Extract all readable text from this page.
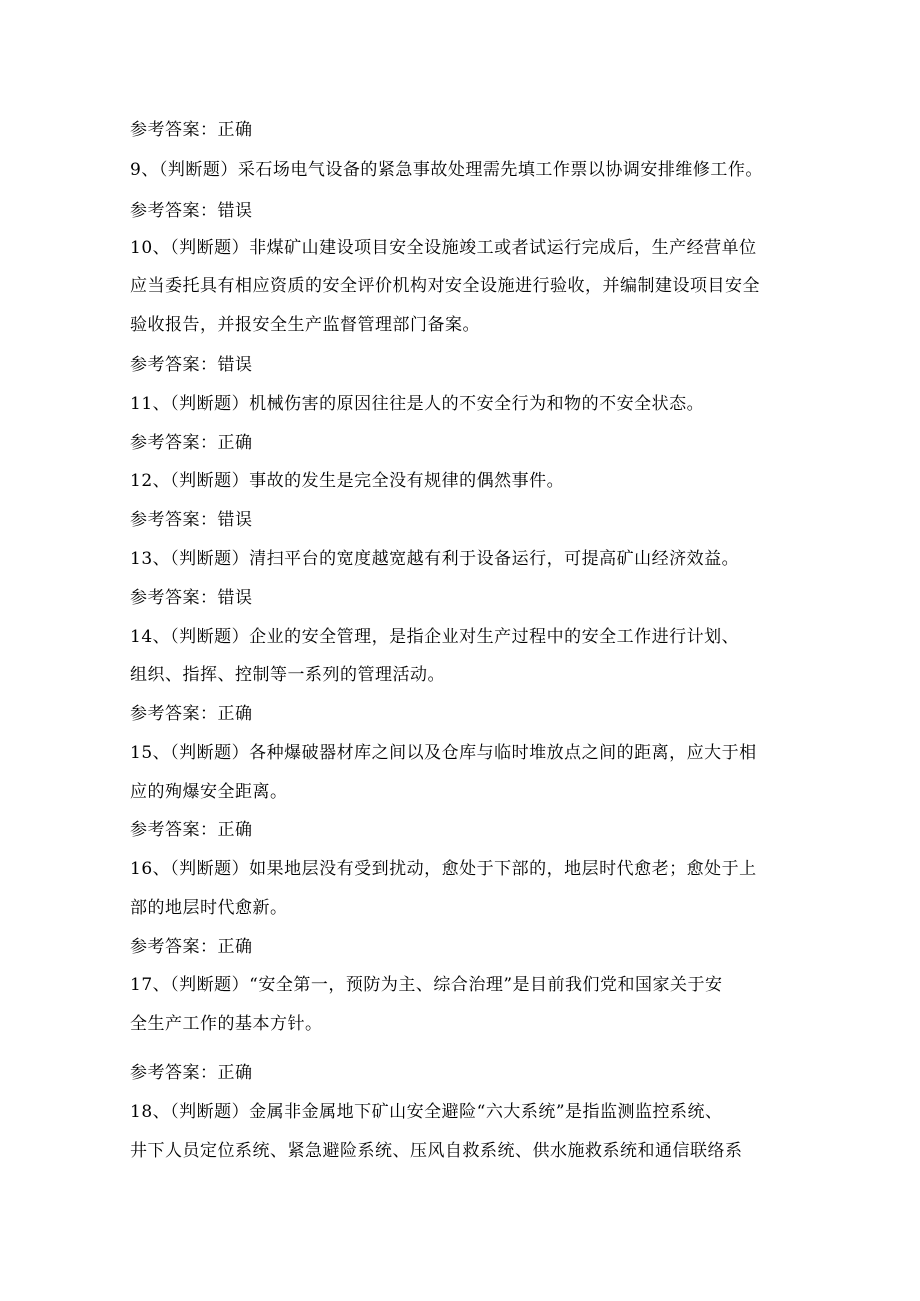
参考答案：正确
9、（判断题）采石场电气设备的紧急事故处理需先填工作票以协调安排维修工作。
参考答案：错误
10、（判断题）非煤矿山建设项目安全设施竣工或者试运行完成后，生产经营单位
应当委托具有相应资质的安全评价机构对安全设施进行验收，并编制建设项目安全
验收报告，并报安全生产监督管理部门备案。
参考答案：错误
11、（判断题）机械伤害的原因往往是人的不安全行为和物的不安全状态。
参考答案：正确
12、（判断题）事故的发生是完全没有规律的偶然事件。
参考答案：错误
13、（判断题）清扫平台的宽度越宽越有利于设备运行，可提高矿山经济效益。
参考答案：错误
14、（判断题）企业的安全管理，是指企业对生产过程中的安全工作进行计划、
组织、指挥、控制等一系列的管理活动。
参考答案：正确
15、（判断题）各种爆破器材库之间以及仓库与临时堆放点之间的距离，应大于相
应的殉爆安全距离。
参考答案：正确
16、（判断题）如果地层没有受到扰动，愈处于下部的，地层时代愈老；愈处于上
部的地层时代愈新。
参考答案：正确
17、（判断题）“安全第一，预防为主、综合治理”是目前我们党和国家关于安
全生产工作的基本方针。
参考答案：正确
18、（判断题）金属非金属地下矿山安全避险“六大系统”是指监测监控系统、
井下人员定位系统、紧急避险系统、压风自救系统、供水施救系统和通信联络系
